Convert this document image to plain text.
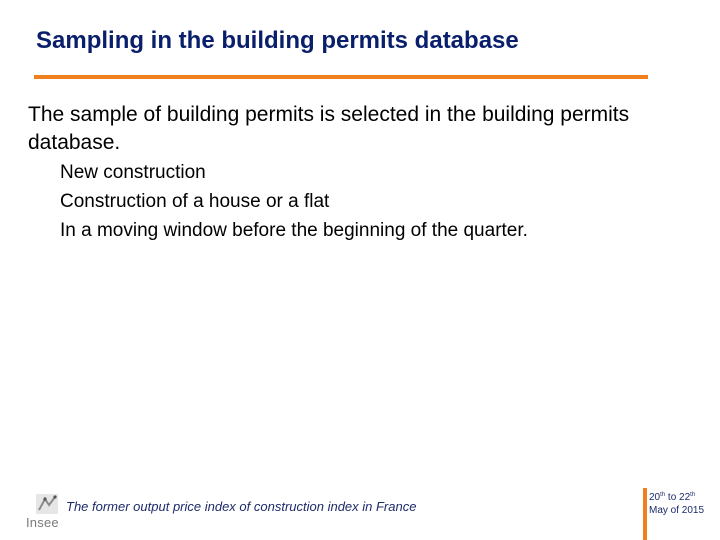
Sampling in the building permits database
The sample of building permits is selected in the building permits database.
New construction
Construction of a house or a flat
In a moving window before the beginning of the quarter.
Insee
The former output price index of construction index in France
20th to 22th
May of 2015
